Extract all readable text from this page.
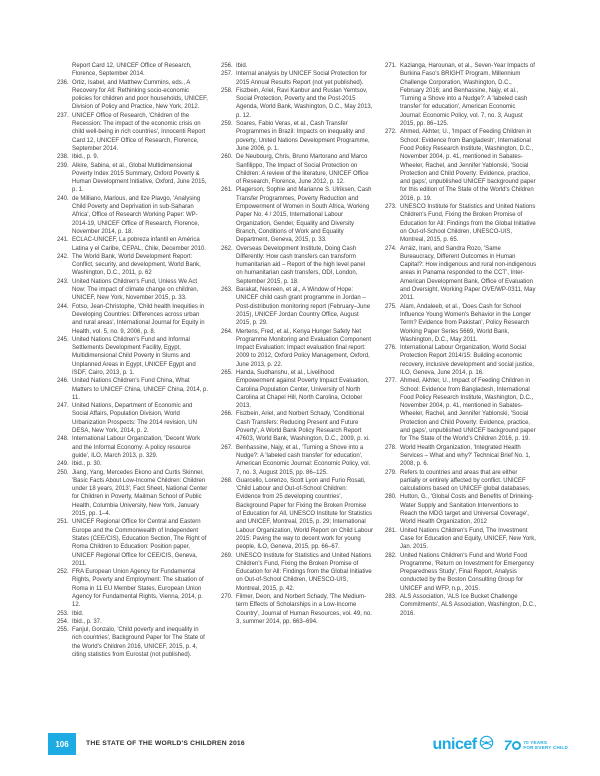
Report Card 12, UNICEF Office of Research, Florence, September 2014.
236. Ortiz, Isabel, and Matthew Cummins, eds., A Recovery for All: Rethinking socio-economic policies for children and poor households, UNICEF, Division of Policy and Practice, New York, 2012.
237. UNICEF Office of Research, 'Children of the Recession: The impact of the economic crisis on child well-being in rich countries', Innocenti Report Card 12, UNICEF Office of Research, Florence, September 2014.
238. Ibid., p. 9.
239. Alkire, Sabina, et al., Global Multidimensional Poverty Index 2015 Summary, Oxford Poverty & Human Development Initiative, Oxford, June 2015, p. 1.
240. de Milliano, Marlous, and Ilze Plavgo, 'Analysing Child Poverty and Deprivation in sub-Saharan Africa', Office of Research Working Paper: WP-2014-19, UNICEF Office of Research, Florence, November 2014, p. 18.
241. ECLAC-UNICEF, La pobreza infantil en América Latina y el Caribe, CEPAL, Chile, December 2010.
242. The World Bank, World Development Report: Conflict, security, and development, World Bank, Washington, D.C., 2011, p. 62
243. United Nations Children's Fund, Unless We Act Now: The impact of climate change on children, UNICEF, New York, November 2015, p. 33.
244. Fotso, Jean-Christophe, 'Child health Inequities in Developing Countries: Differences across urban and rural areas', International Journal for Equity in Health, vol. 5, no. 9, 2006, p. 8.
245. United Nations Children's Fund and Informal Settlements Development Facility, Egypt, Multidimensional Child Poverty in Slums and Unplanned Areas in Egypt, UNICEF Egypt and ISDF, Cairo, 2013, p. 1.
246. United Nations Children's Fund China, What Matters to UNICEF China, UNICEF China, 2014, p. 11.
247. United Nations, Department of Economic and Social Affairs, Population Division, World Urbanization Prospects: The 2014 revision, UN DESA, New York, 2014, p. 2.
248. International Labour Organization, 'Decent Work and the Informal Economy: A policy resource guide', ILO, March 2013, p. 329.
249. Ibid., p. 30.
250. Jiang, Yang, Mercedes Ekono and Curtis Skinner, 'Basic Facts About Low-Income Children: Children under 18 years, 2013', Fact Sheet, National Center for Children in Poverty, Mailman School of Public Health, Columbia University, New York, January 2015, pp. 1–4.
251. UNICEF Regional Office for Central and Eastern Europe and the Commonwealth of Independent States (CEE/CIS), Education Section, The Right of Roma Children to Education: Position paper, UNICEF Regional Office for CEE/CIS, Geneva, 2011.
252. FRA European Union Agency for Fundamental Rights, Poverty and Employment: The situation of Roma in 11 EU Member States, European Union Agency for Fundamental Rights, Vienna, 2014, p. 12.
253. Ibid.
254. Ibid., p. 37.
255. Fanjul, Gonzalo, 'Child poverty and inequality in rich countries', Background Paper for The State of the World's Children 2016, UNICEF, 2015, p. 4, citing statistics from Eurostat (not published).
256. Ibid.
257. Internal analysis by UNICEF Social Protection for 2015 Annual Results Report (not yet published).
258. Fiszbein, Ariel, Ravi Kanbur and Ruslan Yemtsov, Social Protection, Poverty and the Post-2015 Agenda, World Bank, Washington, D.C., May 2013, p. 12.
259. Soares, Fabio Veras, et al., Cash Transfer Programmes in Brazil: Impacts on inequality and poverty, United Nations Development Programme, June 2006, p. 1.
260. De Neubourg, Chris, Bruno Martorano and Marco Sanfilippo, The Impact of Social Protection on Children: A review of the literature, UNICEF Office of Research, Florence, June 2012, p. 12.
261. Plagerson, Sophie and Marianne S. Ulriksen, Cash Transfer Programmes, Poverty Reduction and Empowerment of Women in South Africa, Working Paper No. 4 / 2015, International Labour Organization, Gender, Equality and Diversity Branch, Conditions of Work and Equality Department, Geneva, 2015, p. 33.
262. Overseas Development Institute, Doing Cash Differently: How cash transfers can transform humanitarian aid – Report of the high level panel on humanitarian cash transfers, ODI, London, September 2015, p. 18.
263. Barakat, Nesreen, et al., A Window of Hope: UNICEF child cash grant programme in Jordan – Post-distribution monitoring report (February–June 2015), UNICEF Jordan Country Office, August 2015, p. 29.
264. Mertens, Fred, et al., Kenya Hunger Safety Net Programme Monitoring and Evaluation Component Impact Evaluation: Impact evaluation final report: 2009 to 2012, Oxford Policy Management, Oxford, June 2013, p. 22.
265. Handa, Sudhanshu, et al., Livelihood Empowerment against Poverty Impact Evaluation, Carolina Population Center, University of North Carolina at Chapel Hill, North Carolina, October 2013.
266. Fiszbein, Ariel, and Norbert Schady, 'Conditional Cash Transfers: Reducing Present and Future Poverty', A World Bank Policy Research Report 47603, World Bank, Washington, D.C., 2009, p. xi.
267. Benhassine, Najy, et al., 'Turning a Shove into a Nudge?: A 'labeled cash transfer' for education', American Economic Journal: Economic Policy, vol. 7, no. 3, August 2015, pp. 86–125.
268. Guarcello, Lorenzo, Scott Lyon and Furio Rosati, 'Child Labour and Out-of-School Children: Evidence from 25 developing countries', Background Paper for Fixing the Broken Promise of Education for All, UNESCO Institute for Statistics and UNICEF, Montreal, 2015, p. 29; International Labour Organization, World Report on Child Labour 2015: Paving the way to decent work for young people, ILO, Geneva, 2015, pp. 66–67.
269. UNESCO Institute for Statistics and United Nations Children's Fund, Fixing the Broken Promise of Education for All: Findings from the Global Initiative on Out-of-School Children, UNESCO-UIS, Montreal, 2015, p. 42.
270. Filmer, Deon, and Norbert Schady, 'The Medium-term Effects of Scholarships in a Low-Income Country', Journal of Human Resources, vol. 49, no. 3, summer 2014, pp. 663–694.
271. Kazianga, Harounan, et al., Seven-Year Impacts of Burkina Faso's BRIGHT Program, Millennium Challenge Corporation, Washington, D.C., February 2016; and Benhassine, Najy, et al., 'Turning a Shove into a Nudge?: A 'labeled cash transfer' for education', American Economic Journal: Economic Policy, vol. 7, no. 3, August 2015, pp. 86–125.
272. Ahmed, Akhter, U., 'Impact of Feeding Children in School: Evidence from Bangladesh', International Food Policy Research Institute, Washington, D.C., November 2004, p. 41, mentioned in Sabates-Wheeler, Rachel, and Jennifer Yablonski, 'Social Protection and Child Poverty: Evidence, practice, and gaps', unpublished UNICEF background paper for this edition of The State of the World's Children 2016, p. 19.
273. UNESCO Institute for Statistics and United Nations Children's Fund, Fixing the Broken Promise of Education for All: Findings from the Global Initiative on Out-of-School Children, UNESCO-UIS, Montreal, 2015, p. 65.
274. Arráiz, Irani, and Sandra Rozo, 'Same Bureaucracy, Different Outcomes in Human Capital?: How indigenous and rural non-indigenous areas in Panama responded to the CCT', Inter-American Development Bank, Office of Evaluation and Oversight, Working Paper OVE/WP-0311, May 2011.
275. Alam, Andaleeb, et al., 'Does Cash for School Influence Young Women's Behavior in the Longer Term? Evidence from Pakistan', Policy Research Working Paper Series 5669, World Bank, Washington, D.C., May 2011.
276. International Labour Organization, World Social Protection Report 2014/15: Building economic recovery, inclusive development and social justice, ILO, Geneva, June 2014, p. 16.
277. Ahmed, Akhter, U., Impact of Feeding Children in School: Evidence from Bangladesh, International Food Policy Research Institute, Washington, D.C., November 2004, p. 41, mentioned in Sabates-Wheeler, Rachel, and Jennifer Yablonski, 'Social Protection and Child Poverty: Evidence, practice, and gaps', unpublished UNICEF background paper for The State of the World's Children 2016, p. 19.
278. World Health Organization, 'Integrated Health Services – What and why?' Technical Brief No. 1, 2008, p. 6.
279. Refers to countries and areas that are either partially or entirely affected by conflict. UNICEF calculations based on UNICEF global databases.
280. Hutton, G., 'Global Costs and Benefits of Drinking-Water Supply and Sanitation Interventions to Reach the MDG target and Universal Coverage', World Health Organization, 2012
281. United Nations Children's Fund, The Investment Case for Education and Equity, UNICEF, New York, Jan. 2015.
282. United Nations Children's Fund and World Food Programme, 'Return on Investment for Emergency Preparedness Study', Final Report, Analysis conducted by the Boston Consulting Group for UNICEF and WFP, n.p., 2015.
283. ALS Association, 'ALS Ice Bucket Challenge Commitments', ALS Association, Washington, D.C., 2016.
106	THE STATE OF THE WORLD'S CHILDREN 2016	unicef 7	70 YEARS
FOR EVERY CHILD
